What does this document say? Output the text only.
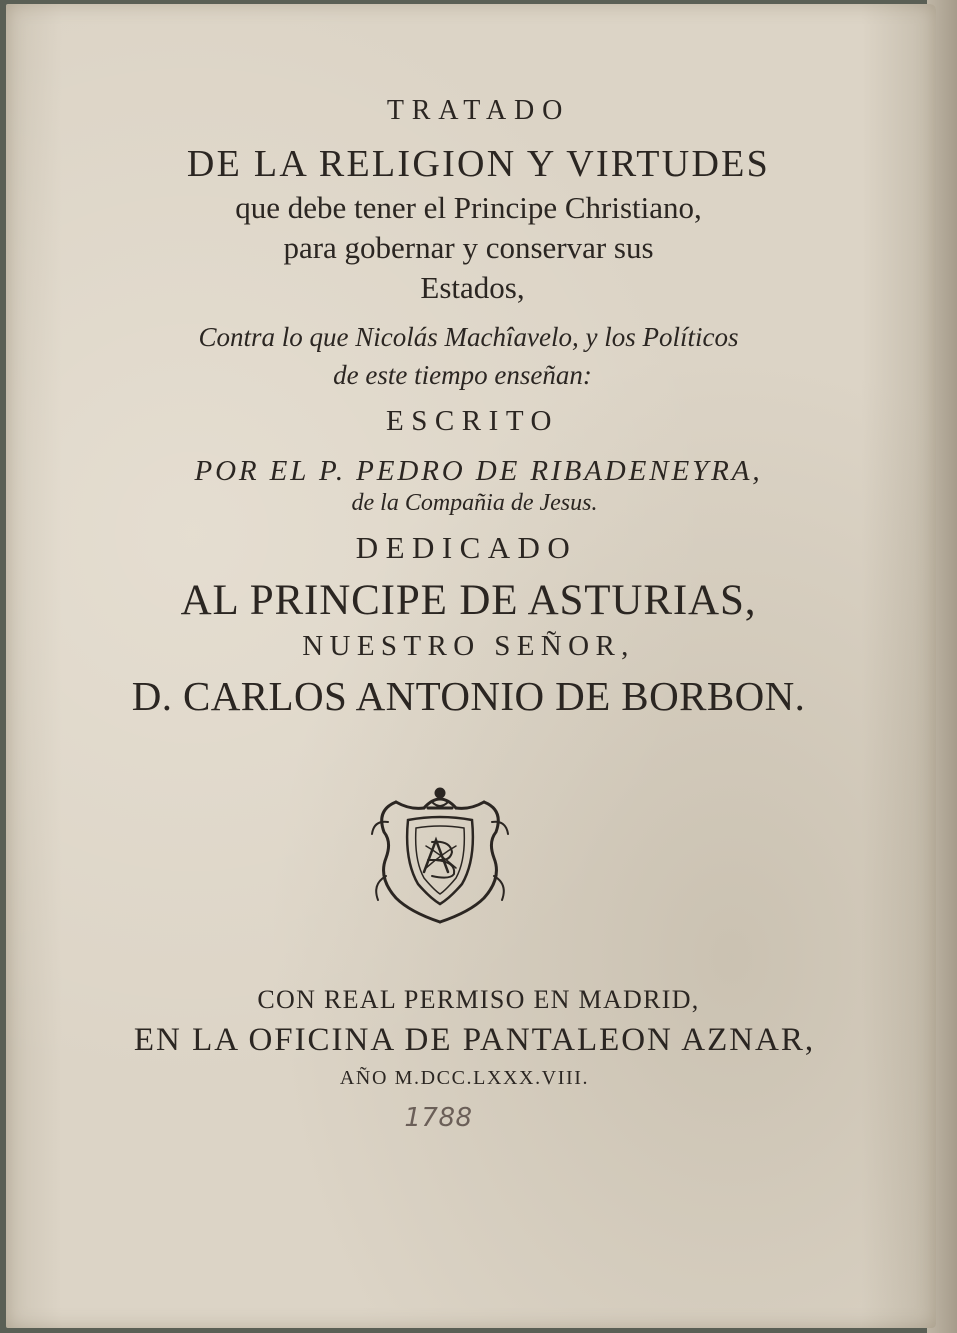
TRATADO
DE LA RELIGION Y VIRTUDES
que debe tener el Principe Christiano,
para gobernar y conservar sus
Estados,
Contra lo que Nicolás Machîavelo, y los Políticos
de este tiempo enseñan:
ESCRITO
POR EL P. PEDRO DE RIBADENEYRA,
de la Compañia de Jesus.
DEDICADO
AL PRINCIPE DE ASTURIAS,
NUESTRO SEÑOR,
D. CARLOS ANTONIO DE BORBON.
CON REAL PERMISO EN MADRID,
EN LA OFICINA DE PANTALEON AZNAR,
AÑO M.DCC.LXXX.VIII.
1788
